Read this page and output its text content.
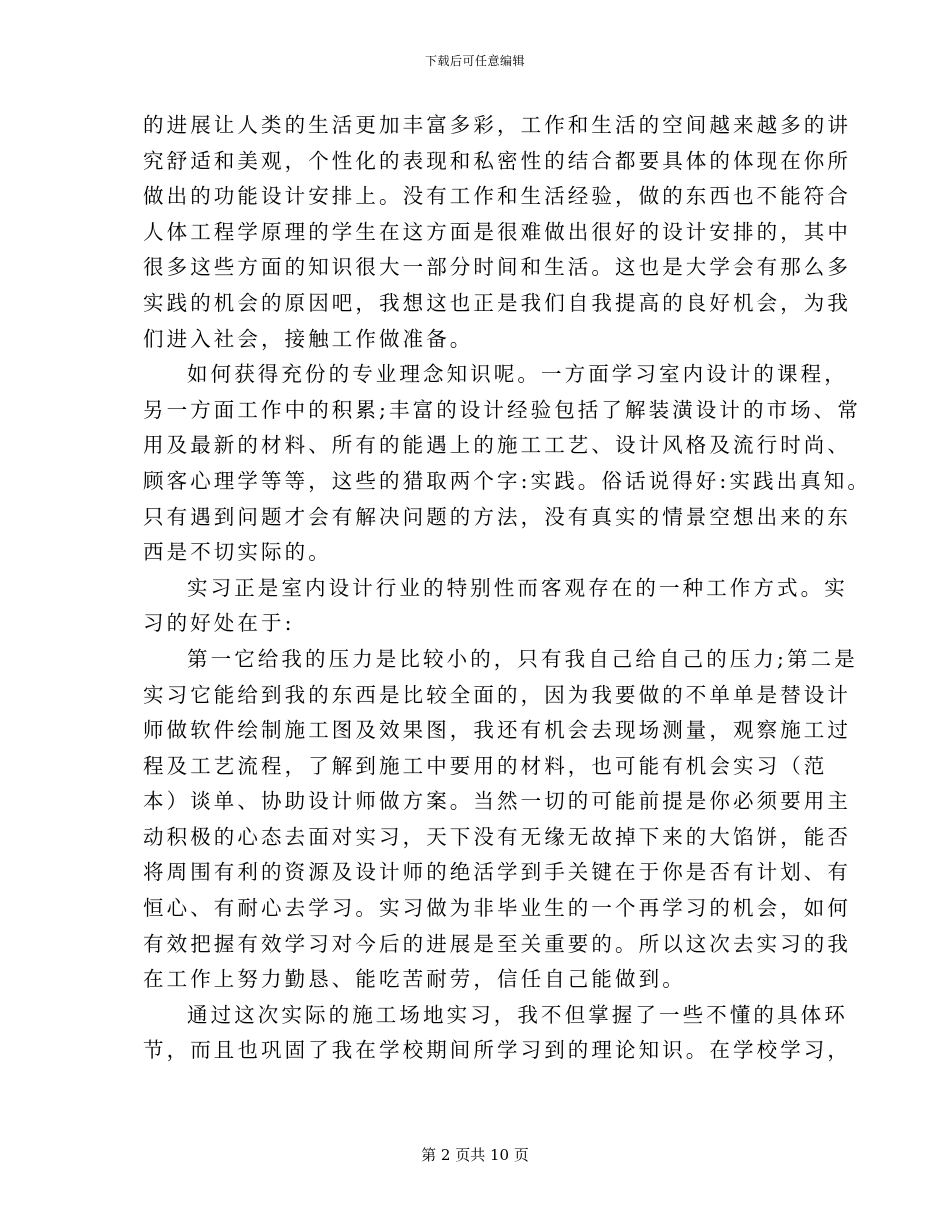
下载后可任意编辑
的进展让人类的生活更加丰富多彩，工作和生活的空间越来越多的讲
究舒适和美观，个性化的表现和私密性的结合都要具体的体现在你所
做出的功能设计安排上。没有工作和生活经验，做的东西也不能符合
人体工程学原理的学生在这方面是很难做出很好的设计安排的，其中
很多这些方面的知识很大一部分时间和生活。这也是大学会有那么多
实践的机会的原因吧，我想这也正是我们自我提高的良好机会，为我
们进入社会，接触工作做准备。
如何获得充份的专业理念知识呢。一方面学习室内设计的课程，
另一方面工作中的积累;丰富的设计经验包括了解装潢设计的市场、常
用及最新的材料、所有的能遇上的施工工艺、设计风格及流行时尚、
顾客心理学等等，这些的猎取两个字:实践。俗话说得好:实践出真知。
只有遇到问题才会有解决问题的方法，没有真实的情景空想出来的东
西是不切实际的。
实习正是室内设计行业的特别性而客观存在的一种工作方式。实
习的好处在于:
第一它给我的压力是比较小的，只有我自己给自己的压力;第二是
实习它能给到我的东西是比较全面的，因为我要做的不单单是替设计
师做软件绘制施工图及效果图，我还有机会去现场测量，观察施工过
程及工艺流程，了解到施工中要用的材料，也可能有机会实习（范
本）谈单、协助设计师做方案。当然一切的可能前提是你必须要用主
动积极的心态去面对实习，天下没有无缘无故掉下来的大馅饼，能否
将周围有利的资源及设计师的绝活学到手关键在于你是否有计划、有
恒心、有耐心去学习。实习做为非毕业生的一个再学习的机会，如何
有效把握有效学习对今后的进展是至关重要的。所以这次去实习的我
在工作上努力勤恳、能吃苦耐劳，信任自己能做到。
通过这次实际的施工场地实习，我不但掌握了一些不懂的具体环
节，而且也巩固了我在学校期间所学习到的理论知识。在学校学习，
第 2 页共 10 页
